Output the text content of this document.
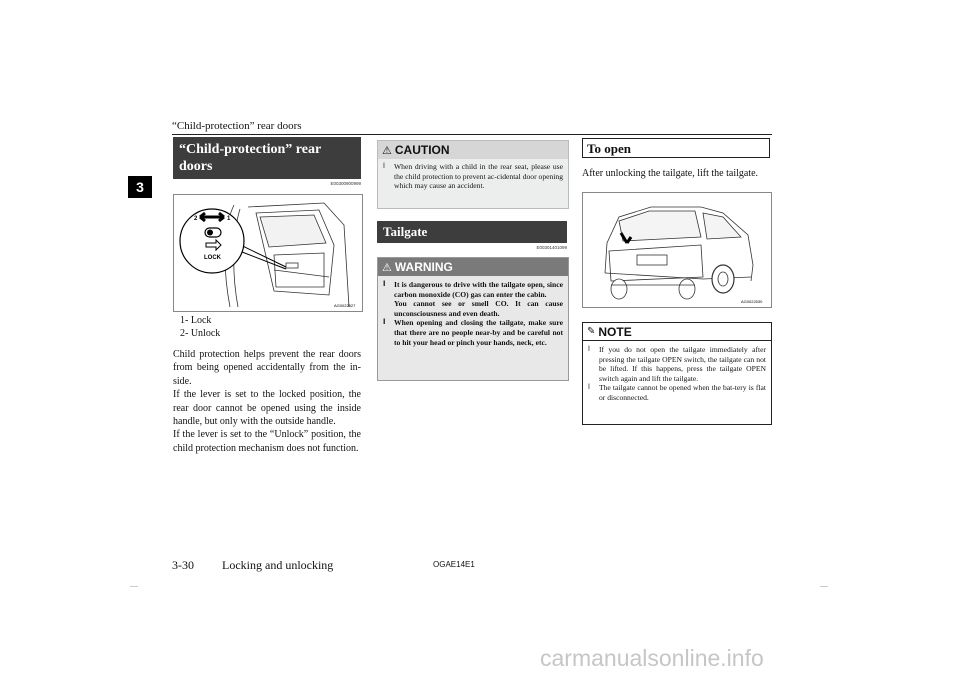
“Child-protection” rear doors
3
“Child-protection” rear doors
E00300900999
2	1
LOCK
AG0022527
1- Lock
2- Unlock
Child protection helps prevent the rear doors from being opened accidentally from the in-side.
If the lever is set to the locked position, the rear door cannot be opened using the inside handle, but only with the outside handle.
If the lever is set to the “Unlock” position, the child protection mechanism does not function.
⚠ CAUTION
l	When driving with a child in the rear seat, please use the child protection to prevent ac-cidental door opening which may cause an accident.
Tailgate
E00301401099
⚠ WARNING
l	It is dangerous to drive with the tailgate open, since carbon monoxide (CO) gas can enter the cabin.
You cannot see or smell CO. It can cause unconsciousness and even death.
l	When opening and closing the tailgate, make sure that there are no people near-by and be careful not to hit your head or pinch your hands, neck, etc.
To open
After unlocking the tailgate, lift the tailgate.
AG0022530
✎ NOTE
l	If you do not open the tailgate immediately after pressing the tailgate OPEN switch, the tailgate can not be lifted. If this happens, press the tailgate OPEN switch again and lift the tailgate.
l	The tailgate cannot be opened when the bat-tery is flat or disconnected.
3-30 Locking and unlocking	OGAE14E1
carmanualsonline.info
